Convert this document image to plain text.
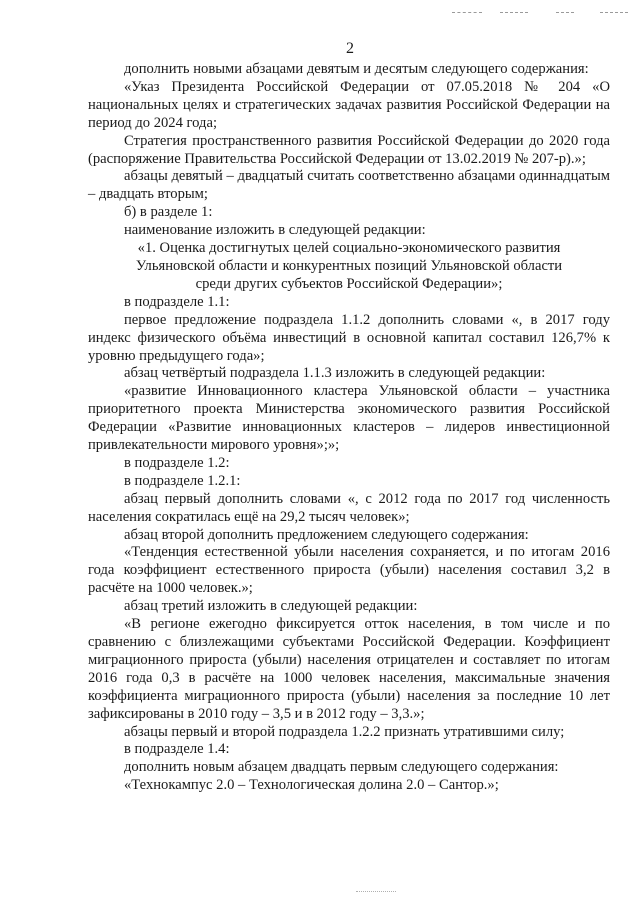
2

дополнить новыми абзацами девятым и десятым следующего содержания:

«Указ Президента Российской Федерации от 07.05.2018 № 204 «О национальных целях и стратегических задачах развития Российской Федерации на период до 2024 года;

Стратегия пространственного развития Российской Федерации до 2020 года (распоряжение Правительства Российской Федерации от 13.02.2019 № 207-р).»;

абзацы девятый – двадцатый считать соответственно абзацами одиннадцатым – двадцать вторым;

б) в разделе 1:

наименование изложить в следующей редакции:

«1. Оценка достигнутых целей социально-экономического развития

Ульяновской области и конкурентных позиций Ульяновской области

среди других субъектов Российской Федерации»;

в подразделе 1.1:

первое предложение подраздела 1.1.2 дополнить словами «, в 2017 году индекс физического объёма инвестиций в основной капитал составил 126,7% к уровню предыдущего года»;

абзац четвёртый подраздела 1.1.3 изложить в следующей редакции:

«развитие Инновационного кластера Ульяновской области – участника приоритетного проекта Министерства экономического развития Российской Федерации «Развитие инновационных кластеров – лидеров инвестиционной привлекательности мирового уровня»;»;

в подразделе 1.2:

в подразделе 1.2.1:

абзац первый дополнить словами «, с 2012 года по 2017 год численность населения сократилась ещё на 29,2 тысяч человек»;

абзац второй дополнить предложением следующего содержания:

«Тенденция естественной убыли населения сохраняется, и по итогам 2016 года коэффициент естественного прироста (убыли) населения составил 3,2 в расчёте на 1000 человек.»;

абзац третий изложить в следующей редакции:

«В регионе ежегодно фиксируется отток населения, в том числе и по сравнению с близлежащими субъектами Российской Федерации. Коэффициент миграционного прироста (убыли) населения отрицателен и составляет по итогам 2016 года 0,3 в расчёте на 1000 человек населения, максимальные значения коэффициента миграционного прироста (убыли) населения за последние 10 лет зафиксированы в 2010 году – 3,5 и в 2012 году – 3,3.»;

абзацы первый и второй подраздела 1.2.2 признать утратившими силу;

в подразделе 1.4:

дополнить новым абзацем двадцать первым следующего содержания:

«Технокампус 2.0 – Технологическая долина 2.0 – Сантор.»;
